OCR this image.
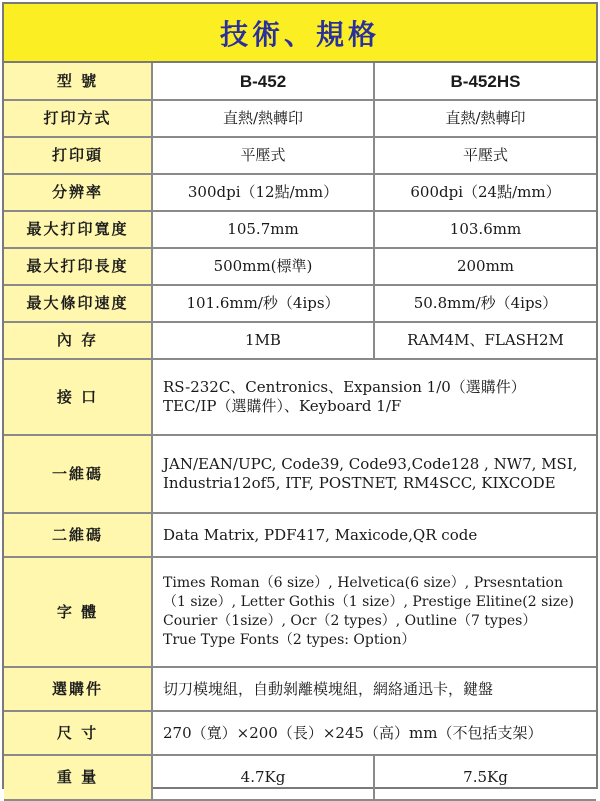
技術、規格
型 號	B-452	B-452HS
打印方式	直熱/熱轉印	直熱/熱轉印
打印頭	平壓式	平壓式
分辨率	300dpi（12點/mm）	600dpi（24點/mm）
最大打印寬度	105.7mm	103.6mm
最大打印長度	500mm(標準)	200mm
最大條印速度	101.6mm/秒（4ips）	50.8mm/秒（4ips）
內 存	1MB	RAM4M、FLASH2M
接 口	RS-232C、Centronics、Expansion 1/0（選購件）
TEC/IP（選購件）、Keyboard 1/F	

一維碼	JAN/EAN/UPC, Code39, Code93,Code128 , NW7, MSI,
Industria12of5, ITF, POSTNET, RM4SCC, KIXCODE	

二維碼	Data Matrix, PDF417, Maxicode,QR code	
字 體	Times Roman（6 size）, Helvetica(6 size）, Prsesntation
（1 size）, Letter Gothis（1 size）, Prestige Elitine(2 size)
Courier（1size）, Ocr（2 types）, Outline（7 types）
True Type Fonts（2 types: Option）	

選購件	切刀模塊組，自動剝離模塊組，網絡通迅卡，鍵盤	
尺 寸	270（寬）×200（長）×245（高）mm（不包括支架）	
重 量	4.7Kg	7.5Kg
